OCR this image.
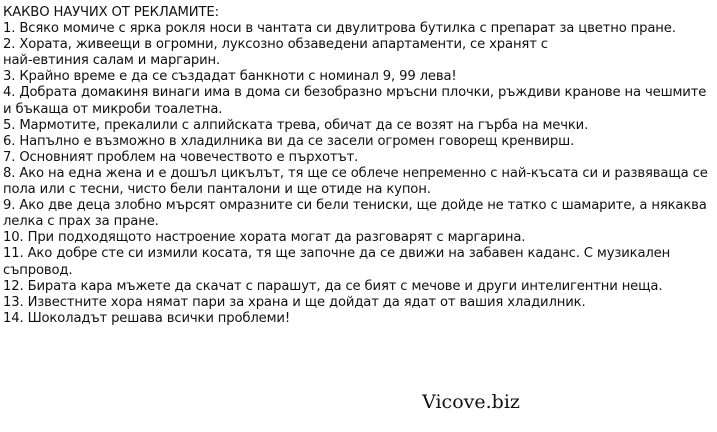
КАКВО НАУЧИХ ОТ РЕКЛАМИТЕ:

1. Всяко момиче с ярка рокля носи в чантата си двулитрова бутилка с препарат за цветно пране.

2. Хората, живеещи в огромни, луксозно обзаведени апартаменти, се хранят с
най-евтиния салам и маргарин.

3. Крайно време е да се създадат банкноти с номинал 9, 99 лева!

4. Добрата домакиня винаги има в дома си безобразно мръсни плочки, ръждиви кранове на чешмите и бъкаща от микроби тоалетна.

5. Мармотите, прекалили с алпийската трева, обичат да се возят на гърба на мечки.

6. Напълно е възможно в хладилника ви да се засели огромен говорещ кренвирш.

7. Основният проблем на човечеството е пърхотът.

8. Ако на една жена и е дошъл цикълът, тя ще се облече непременно с най-късата си и развяваща се пола или с тесни, чисто бели панталони и ще отиде на купон.

9. Ако две деца злобно мърсят омразните си бели тениски, ще дойде не татко с шамарите, а някаква лелка с прах за пране.

10. При подходящото настроение хората могат да разговарят с маргарина.

11. Ако добре сте си измили косата, тя ще започне да се движи на забавен каданс. С музикален съпровод.

12. Бирата кара мъжете да скачат с парашут, да се бият с мечове и други интелигентни неща.

13. Известните хора нямат пари за храна и ще дойдат да ядат от вашия хладилник.

14. Шоколадът решава всички проблеми!

Vicove.biz
